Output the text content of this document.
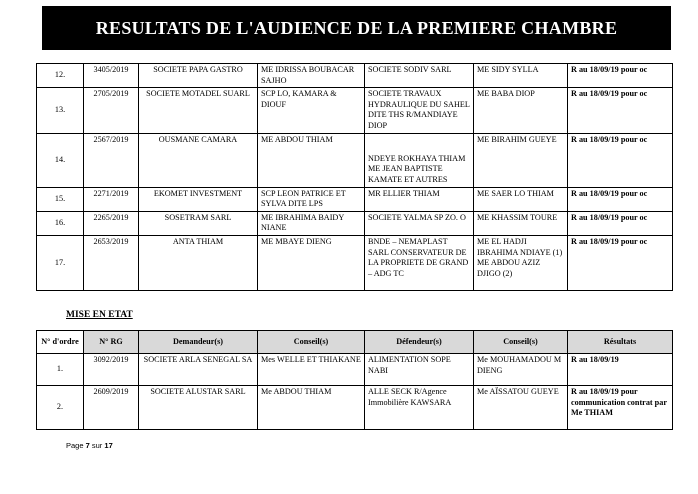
RESULTATS DE L'AUDIENCE DE LA PREMIERE CHAMBRE
12.	3405/2019	SOCIETE PAPA GASTRO	ME IDRISSA BOUBACAR SAJHO	SOCIETE SODIV SARL	ME SIDY SYLLA	R au 18/09/19 pour oc
13.	2705/2019	SOCIETE MOTADEL SUARL	SCP LO, KAMARA & DIOUF	SOCIETE TRAVAUX HYDRAULIQUE DU SAHEL DITE THS R/MANDIAYE DIOP	ME BABA DIOP	R au 18/09/19 pour oc
14.	2567/2019	OUSMANE CAMARA	ME ABDOU THIAM	NDEYE ROKHAYA THIAM ME JEAN BAPTISTE KAMATE ET AUTRES	ME BIRAHIM GUEYE	R au 18/09/19 pour oc
15.	2271/2019	EKOMET INVESTMENT	SCP LEON PATRICE ET SYLVA DITE LPS	MR ELLIER THIAM	ME SAER LO THIAM	R au 18/09/19 pour oc
16.	2265/2019	SOSETRAM SARL	ME IBRAHIMA BAIDY NIANE	SOCIETE YALMA SP ZO. O	ME KHASSIM TOURE	R au 18/09/19 pour oc
17.	2653/2019	ANTA THIAM	ME MBAYE DIENG	BNDE – NEMAPLAST SARL CONSERVATEUR DE LA PROPRIETE DE GRAND – ADG TC	ME EL HADJI IBRAHIMA NDIAYE (1) ME ABDOU AZIZ DJIGO (2)	R au 18/09/19 pour oc
MISE EN ETAT
N° d'ordre	N° RG	Demandeur(s)	Conseil(s)	Défendeur(s)	Conseil(s)	Résultats
1.	3092/2019	SOCIETE ARLA SENEGAL SA	Mes WELLE ET THIAKANE	ALIMENTATION SOPE NABI	Me MOUHAMADOU M DIENG	R au 18/09/19
2.	2609/2019	SOCIETE ALUSTAR SARL	Me ABDOU THIAM	ALLE SECK R/Agence Immobilière KAWSARA	Me AÏSSATOU GUEYE	R au 18/09/19 pour communication contrat par Me THIAM
Page 7 sur 17
